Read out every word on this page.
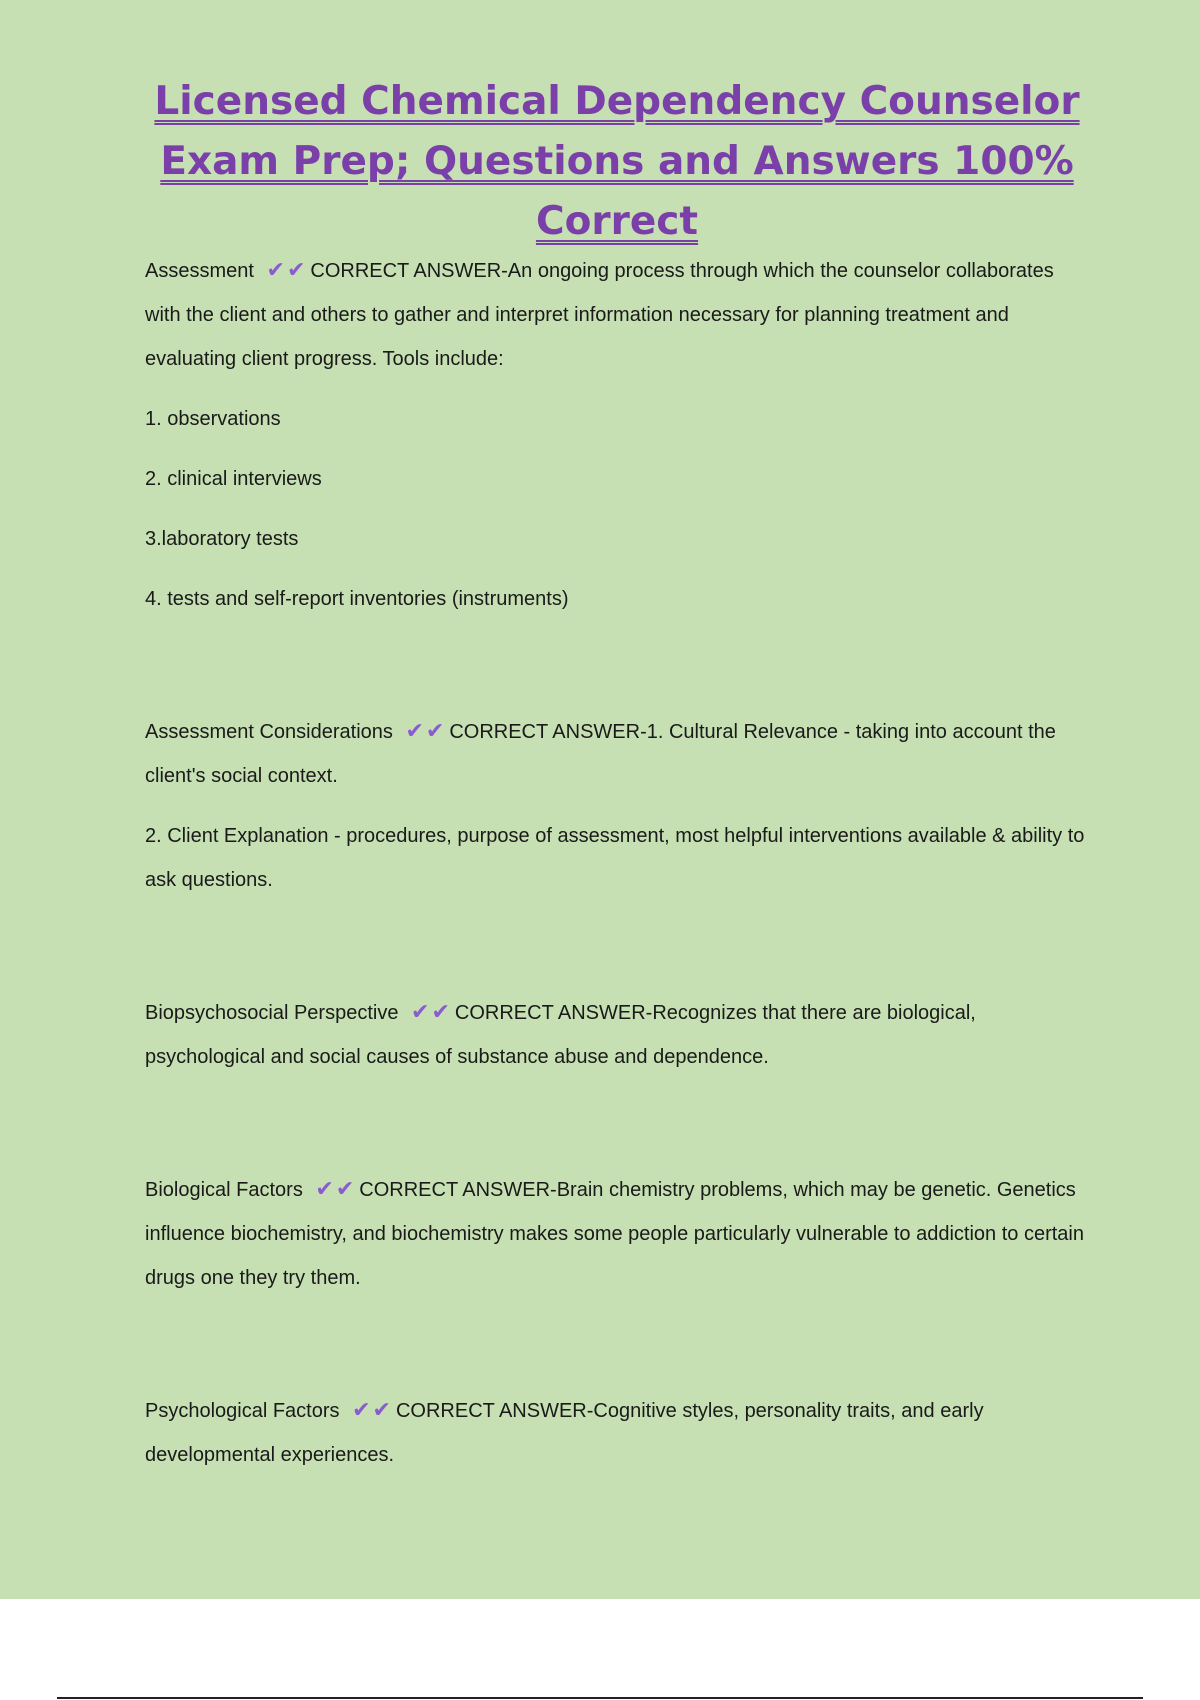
Licensed Chemical Dependency Counselor Exam Prep; Questions and Answers 100% Correct

Assessment ✔✔ CORRECT ANSWER-An ongoing process through which the counselor collaborates with the client and others to gather and interpret information necessary for planning treatment and evaluating client progress. Tools include:

1. observations

2. clinical interviews

3.laboratory tests

4. tests and self-report inventories (instruments)

Assessment Considerations ✔✔ CORRECT ANSWER-1. Cultural Relevance - taking into account the client's social context.

2. Client Explanation - procedures, purpose of assessment, most helpful interventions available & ability to ask questions.

Biopsychosocial Perspective ✔✔ CORRECT ANSWER-Recognizes that there are biological, psychological and social causes of substance abuse and dependence.

Biological Factors ✔✔ CORRECT ANSWER-Brain chemistry problems, which may be genetic. Genetics influence biochemistry, and biochemistry makes some people particularly vulnerable to addiction to certain drugs one they try them.

Psychological Factors ✔✔ CORRECT ANSWER-Cognitive styles, personality traits, and early developmental experiences.
